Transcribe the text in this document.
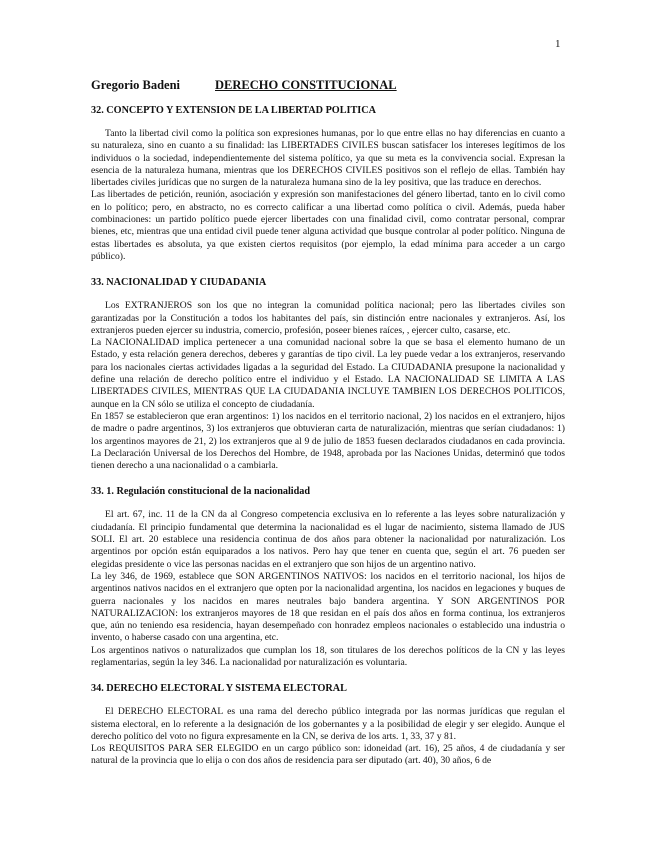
1
Gregorio Badeni	DERECHO CONSTITUCIONAL
32. CONCEPTO Y EXTENSION DE LA LIBERTAD POLITICA

Tanto la libertad civil como la política son expresiones humanas, por lo que entre ellas no hay diferencias en cuanto a su naturaleza, sino en cuanto a su finalidad: las LIBERTADES CIVILES buscan satisfacer los intereses legítimos de los individuos o la sociedad, independientemente del sistema político, ya que su meta es la convivencia social. Expresan la esencia de la naturaleza humana, mientras que los DERECHOS CIVILES positivos son el reflejo de ellas. También hay libertades civiles jurídicas que no surgen de la naturaleza humana sino de la ley positiva, que las traduce en derechos.

Las libertades de petición, reunión, asociación y expresión son manifestaciones del género libertad, tanto en lo civil como en lo político; pero, en abstracto, no es correcto calificar a una libertad como política o civil. Además, pueda haber combinaciones: un partido político puede ejercer libertades con una finalidad civil, como contratar personal, comprar bienes, etc, mientras que una entidad civil puede tener alguna actividad que busque controlar al poder político. Ninguna de estas libertades es absoluta, ya que existen ciertos requisitos (por ejemplo, la edad mínima para acceder a un cargo público).

33. NACIONALIDAD Y CIUDADANIA

Los EXTRANJEROS son los que no integran la comunidad política nacional; pero las libertades civiles son garantizadas por la Constitución a todos los habitantes del país, sin distinción entre nacionales y extranjeros. Así, los extranjeros pueden ejercer su industria, comercio, profesión, poseer bienes raíces, , ejercer culto, casarse, etc.

La NACIONALIDAD implica pertenecer a una comunidad nacional sobre la que se basa el elemento humano de un Estado, y esta relación genera derechos, deberes y garantías de tipo civil. La ley puede vedar a los extranjeros, reservando para los nacionales ciertas actividades ligadas a la seguridad del Estado. La CIUDADANIA presupone la nacionalidad y define una relación de derecho político entre el individuo y el Estado. LA NACIONALIDAD SE LIMITA A LAS LIBERTADES CIVILES, MIENTRAS QUE LA CIUDADANIA INCLUYE TAMBIEN LOS DERECHOS POLITICOS, aunque en la CN sólo se utiliza el concepto de ciudadanía.

En 1857 se establecieron que eran argentinos: 1) los nacidos en el territorio nacional, 2) los nacidos en el extranjero, hijos de madre o padre argentinos, 3) los extranjeros que obtuvieran carta de naturalización, mientras que serían ciudadanos: 1) los argentinos mayores de 21, 2) los extranjeros que al 9 de julio de 1853 fuesen declarados ciudadanos en cada provincia. La Declaración Universal de los Derechos del Hombre, de 1948, aprobada por las Naciones Unidas, determinó que todos tienen derecho a una nacionalidad o a cambiarla.

33. 1. Regulación constitucional de la nacionalidad

El art. 67, inc. 11 de la CN da al Congreso competencia exclusiva en lo referente a las leyes sobre naturalización y ciudadanía. El principio fundamental que determina la nacionalidad es el lugar de nacimiento, sistema llamado de JUS SOLI. El art. 20 establece una residencia continua de dos años para obtener la nacionalidad por naturalización. Los argentinos por opción están equiparados a los nativos. Pero hay que tener en cuenta que, según el art. 76 pueden ser elegidas presidente o vice las personas nacidas en el extranjero que son hijos de un argentino nativo.

La ley 346, de 1969, establece que SON ARGENTINOS NATIVOS: los nacidos en el territorio nacional, los hijos de argentinos nativos nacidos en el extranjero que opten por la nacionalidad argentina, los nacidos en legaciones y buques de guerra nacionales y los nacidos en mares neutrales bajo bandera argentina. Y SON ARGENTINOS POR NATURALIZACION: los extranjeros mayores de 18 que residan en el país dos años en forma continua, los extranjeros que, aún no teniendo esa residencia, hayan desempeñado con honradez empleos nacionales o establecido una industria o invento, o haberse casado con una argentina, etc.

Los argentinos nativos o naturalizados que cumplan los 18, son titulares de los derechos políticos de la CN y las leyes reglamentarias, según la ley 346. La nacionalidad por naturalización es voluntaria.

34. DERECHO ELECTORAL Y SISTEMA ELECTORAL

El DERECHO ELECTORAL es una rama del derecho público integrada por las normas jurídicas que regulan el sistema electoral, en lo referente a la designación de los gobernantes y a la posibilidad de elegir y ser elegido. Aunque el derecho político del voto no figura expresamente en la CN, se deriva de los arts. 1, 33, 37 y 81.

Los REQUISITOS PARA SER ELEGIDO en un cargo público son: idoneidad (art. 16), 25 años, 4 de ciudadanía y ser natural de la provincia que lo elija o con dos años de residencia para ser diputado (art. 40), 30 años, 6 de
